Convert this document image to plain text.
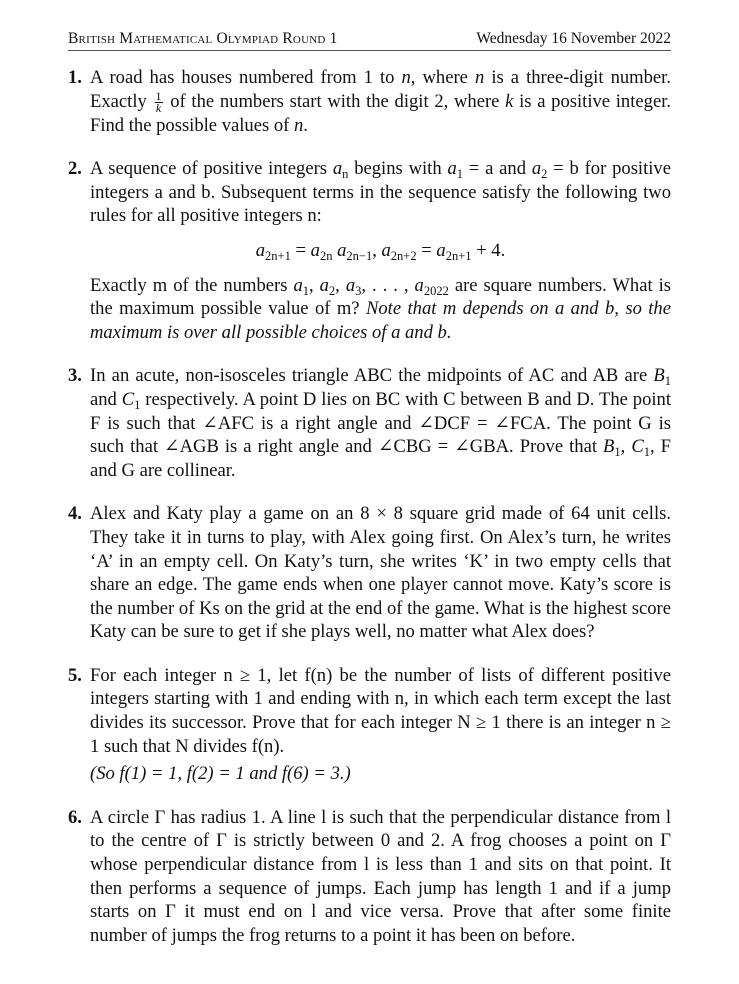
British Mathematical Olympiad Round 1	Wednesday 16 November 2022
1. A road has houses numbered from 1 to n, where n is a three-digit number. Exactly $\frac{1}{k}$ of the numbers start with the digit 2, where k is a positive integer. Find the possible values of n.

2. A sequence of positive integers $a_n$ begins with $a_1 = a$ and $a_2 = b$ for positive integers a and b. Subsequent terms in the sequence satisfy the following two rules for all positive integers n:

$a_{2n+1} = a_{2n}$ $a_{2n-1}$, $a_{2n+2} = a_{2n+1} + 4$.

Exactly m of the numbers $a_1$, $a_2$, $a_3$, . . . , $a_{2022}$ are square numbers. What is the maximum possible value of m? Note that m depends on a and b, so the maximum is over all possible choices of a and b.

3. In an acute, non-isosceles triangle ABC the midpoints of AC and AB are $B_1$ and $C_1$ respectively. A point D lies on BC with C between B and D. The point F is such that ∠AFC is a right angle and ∠DCF = ∠FCA. The point G is such that ∠AGB is a right angle and ∠CBG = ∠GBA. Prove that $B_1$, $C_1$, F and G are collinear.

4. Alex and Katy play a game on an 8 × 8 square grid made of 64 unit cells. They take it in turns to play, with Alex going first. On Alex’s turn, he writes ‘A’ in an empty cell. On Katy’s turn, she writes ‘K’ in two empty cells that share an edge. The game ends when one player cannot move. Katy’s score is the number of Ks on the grid at the end of the game. What is the highest score Katy can be sure to get if she plays well, no matter what Alex does?

5. For each integer n ≥ 1, let f(n) be the number of lists of different positive integers starting with 1 and ending with n, in which each term except the last divides its successor. Prove that for each integer N ≥ 1 there is an integer n ≥ 1 such that N divides f(n).

(So f(1) = 1, f(2) = 1 and f(6) = 3.)

6. A circle Γ has radius 1. A line l is such that the perpendicular distance from l to the centre of Γ is strictly between 0 and 2. A frog chooses a point on Γ whose perpendicular distance from l is less than 1 and sits on that point. It then performs a sequence of jumps. Each jump has length 1 and if a jump starts on Γ it must end on l and vice versa. Prove that after some finite number of jumps the frog returns to a point it has been on before.
